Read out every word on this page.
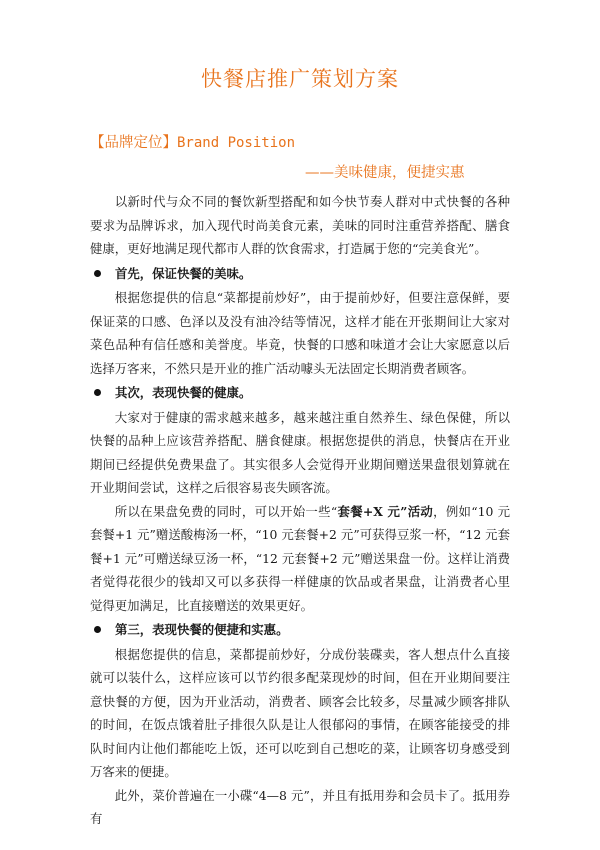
快餐店推广策划方案
【品牌定位】Brand Position
——美味健康，便捷实惠

以新时代与众不同的餐饮新型搭配和如今快节奏人群对中式快餐的各种要求为品牌诉求，加入现代时尚美食元素，美味的同时注重营养搭配、膳食健康，更好地满足现代都市人群的饮食需求，打造属于您的“完美食光”。

首先，保证快餐的美味。

根据您提供的信息“菜都提前炒好”，由于提前炒好，但要注意保鲜，要保证菜的口感、色泽以及没有油冷结等情况，这样才能在开张期间让大家对菜色品种有信任感和美誉度。毕竟，快餐的口感和味道才会让大家愿意以后选择万客来，不然只是开业的推广活动噱头无法固定长期消费者顾客。

其次，表现快餐的健康。

大家对于健康的需求越来越多，越来越注重自然养生、绿色保健，所以快餐的品种上应该营养搭配、膳食健康。根据您提供的消息，快餐店在开业期间已经提供免费果盘了。其实很多人会觉得开业期间赠送果盘很划算就在开业期间尝试，这样之后很容易丧失顾客流。

所以在果盘免费的同时，可以开始一些“套餐+X 元”活动，例如“10 元套餐+1 元”赠送酸梅汤一杯，“10 元套餐+2 元”可获得豆浆一杯，“12 元套餐+1 元”可赠送绿豆汤一杯，“12 元套餐+2 元”赠送果盘一份。这样让消费者觉得花很少的钱却又可以多获得一样健康的饮品或者果盘，让消费者心里觉得更加满足，比直接赠送的效果更好。

第三，表现快餐的便捷和实惠。

根据您提供的信息，菜都提前炒好，分成份装碟卖，客人想点什么直接就可以装什么，这样应该可以节约很多配菜现炒的时间，但在开业期间要注意快餐的方便，因为开业活动，消费者、顾客会比较多，尽量减少顾客排队的时间，在饭点饿着肚子排很久队是让人很郁闷的事情，在顾客能接受的排队时间内让他们都能吃上饭，还可以吃到自己想吃的菜，让顾客切身感受到万客来的便捷。

此外，菜价普遍在一小碟“4—8 元”，并且有抵用券和会员卡了。抵用券有
